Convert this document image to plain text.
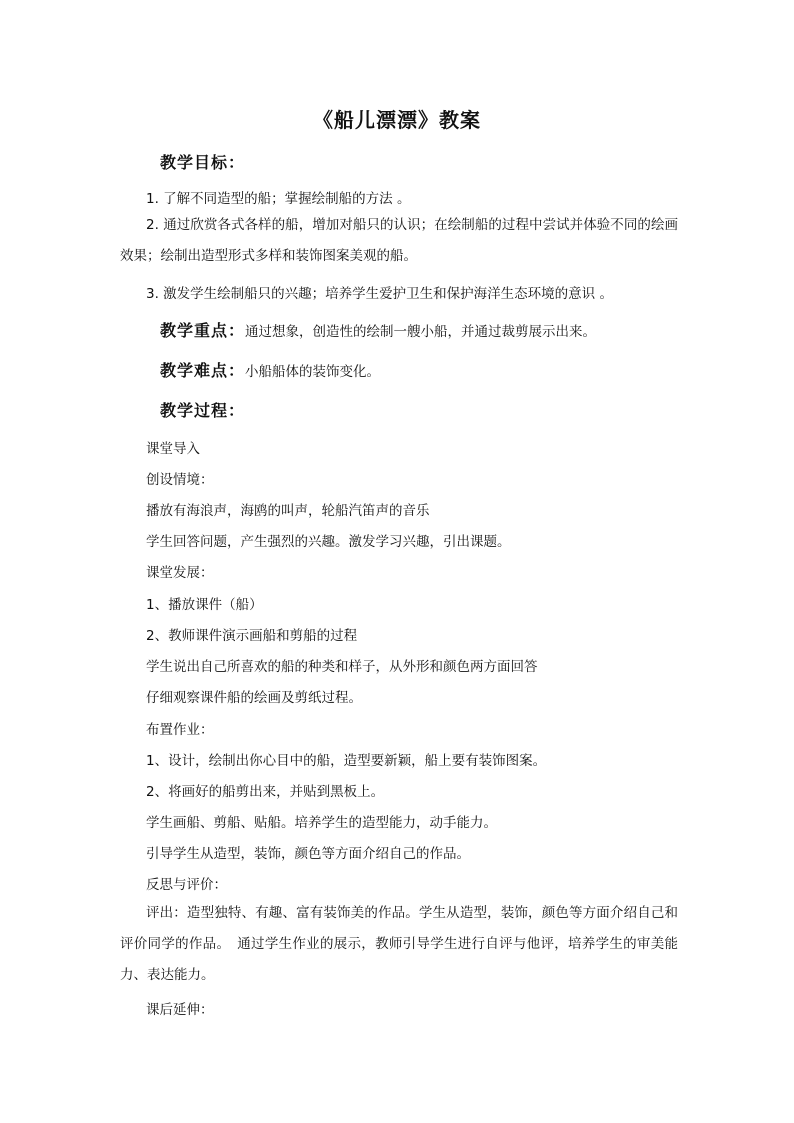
《船儿漂漂》教案
教学目标：
1. 了解不同造型的船；掌握绘制船的方法 。
2. 通过欣赏各式各样的船，增加对船只的认识；在绘制船的过程中尝试并体验不同的绘画效果；绘制出造型形式多样和装饰图案美观的船。
3. 激发学生绘制船只的兴趣；培养学生爱护卫生和保护海洋生态环境的意识 。
教学重点：通过想象，创造性的绘制一艘小船，并通过裁剪展示出来。
教学难点：小船船体的装饰变化。
教学过程：
课堂导入
创设情境：
播放有海浪声，海鸥的叫声，轮船汽笛声的音乐
学生回答问题，产生强烈的兴趣。激发学习兴趣，引出课题。
课堂发展：
1、播放课件（船）
2、教师课件演示画船和剪船的过程
学生说出自己所喜欢的船的种类和样子，从外形和颜色两方面回答
仔细观察课件船的绘画及剪纸过程。
布置作业：
1、设计，绘制出你心目中的船，造型要新颖，船上要有装饰图案。
2、将画好的船剪出来，并贴到黑板上。
学生画船、剪船、贴船。培养学生的造型能力，动手能力。
引导学生从造型，装饰，颜色等方面介绍自己的作品。
反思与评价：
评出：造型独特、有趣、富有装饰美的作品。学生从造型，装饰，颜色等方面介绍自己和评价同学的作品。　通过学生作业的展示，教师引导学生进行自评与他评，培养学生的审美能力、表达能力。
课后延伸：
